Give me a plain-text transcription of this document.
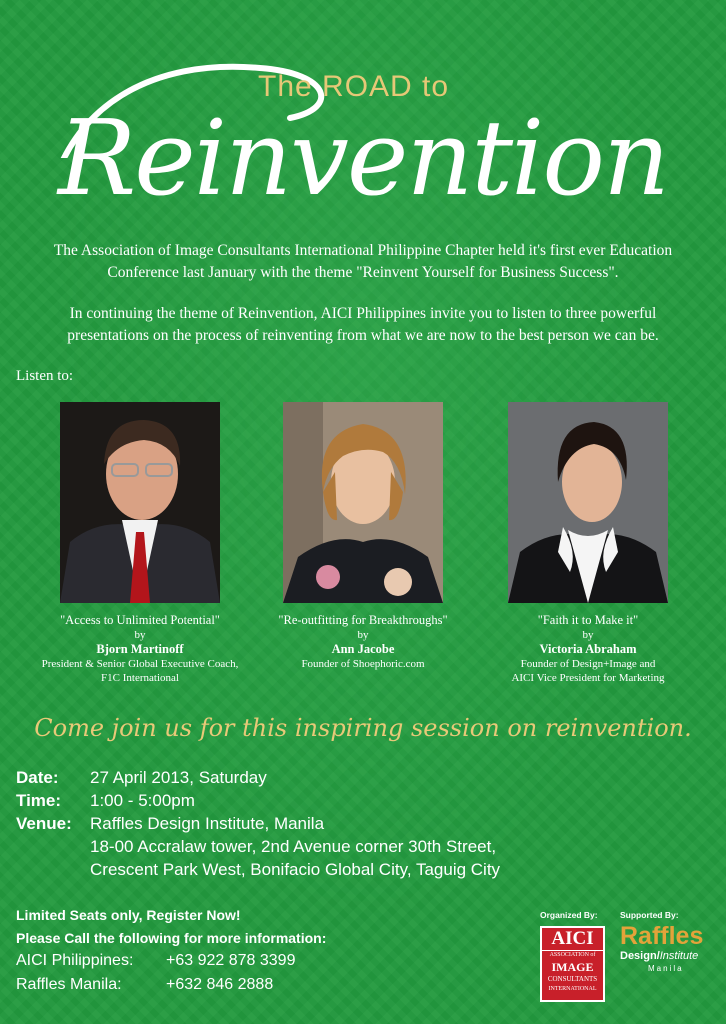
The ROAD to
Reinvention
The Association of Image Consultants International Philippine Chapter held it's first ever Education
Conference last January with the theme "Reinvent Yourself for Business Success".
In continuing the theme of Reinvention, AICI Philippines invite you to listen to three powerful
presentations on the process of reinventing from what we are now to the best person we can be.
Listen to:
"Access to Unlimited Potential"
by
Bjorn Martinoff
President & Senior Global Executive Coach,
F1C International
"Re-outfitting for Breakthroughs"
by
Ann Jacobe
Founder of Shoephoric.com
"Faith it to Make it"
by
Victoria Abraham
Founder of Design+Image and
AICI Vice President for Marketing
Come join us for this inspiring session on reinvention.
Date: 27 April 2013, Saturday
Time: 1:00 - 5:00pm
Venue: Raffles Design Institute, Manila
18-00 Accralaw tower, 2nd Avenue corner 30th Street,
Crescent Park West, Bonifacio Global City, Taguig City
Limited Seats only, Register Now!
Please Call the following for more information:
AICI Philippines: +63 922 878 3399
Raffles Manila:	+632 846 2888
Organized By:	Supported By:
AICI
ASSOCIATION of
IMAGE
CONSULTANTS
INTERNATIONAL
Raffles
Design/Institute
Manila
